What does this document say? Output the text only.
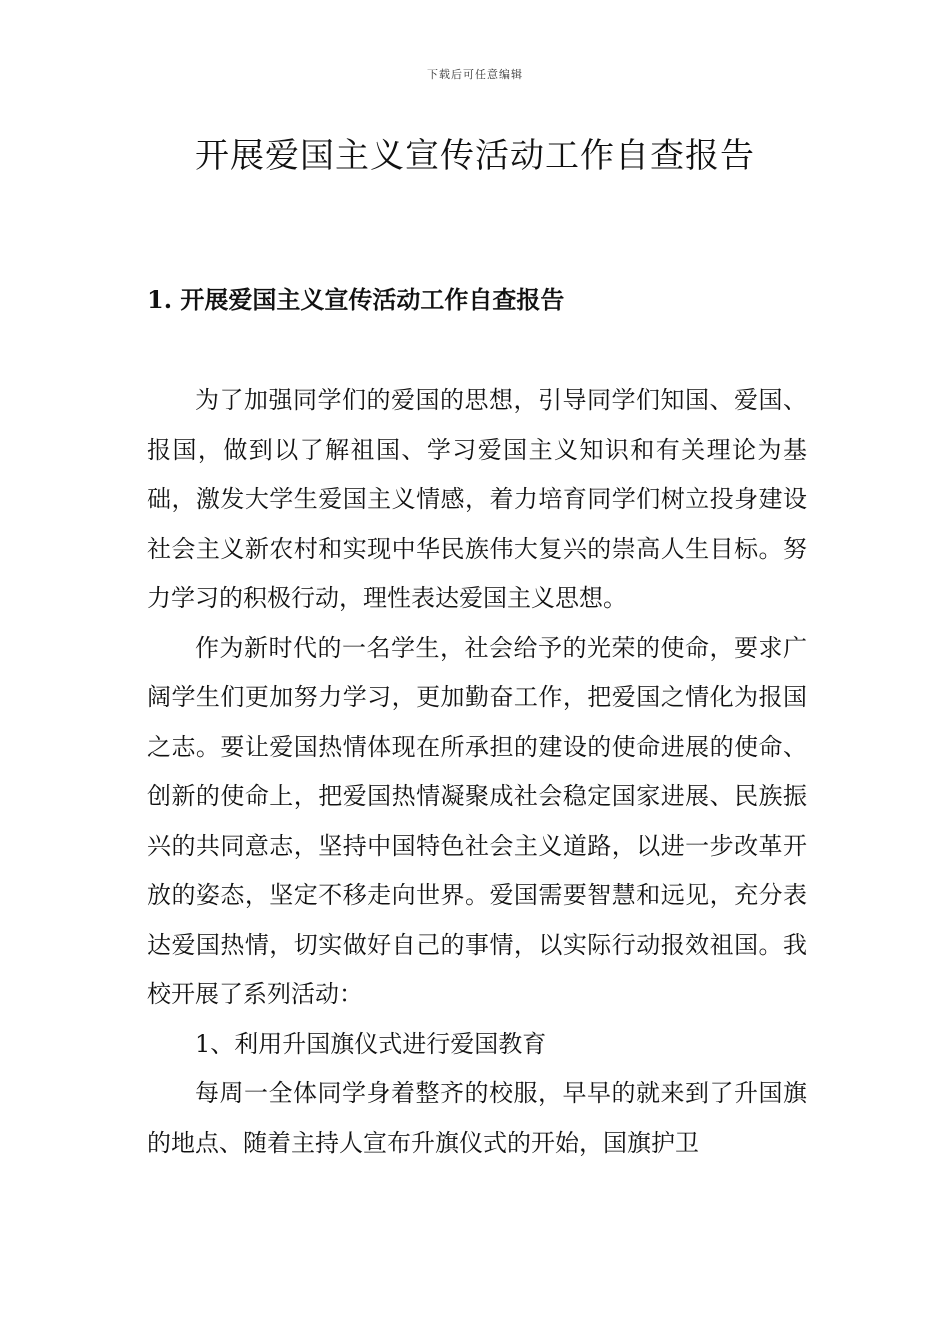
下载后可任意编辑
开展爱国主义宣传活动工作自查报告
1. 开展爱国主义宣传活动工作自查报告

为了加强同学们的爱国的思想，引导同学们知国、爱国、报国，做到以了解祖国、学习爱国主义知识和有关理论为基础，激发大学生爱国主义情感，着力培育同学们树立投身建设社会主义新农村和实现中华民族伟大复兴的崇高人生目标。努力学习的积极行动，理性表达爱国主义思想。

作为新时代的一名学生，社会给予的光荣的使命，要求广阔学生们更加努力学习，更加勤奋工作，把爱国之情化为报国之志。要让爱国热情体现在所承担的建设的使命进展的使命、创新的使命上，把爱国热情凝聚成社会稳定国家进展、民族振兴的共同意志，坚持中国特色社会主义道路，以进一步改革开放的姿态，坚定不移走向世界。爱国需要智慧和远见，充分表达爱国热情，切实做好自己的事情，以实际行动报效祖国。我校开展了系列活动：

1、利用升国旗仪式进行爱国教育

每周一全体同学身着整齐的校服，早早的就来到了升国旗的地点、随着主持人宣布升旗仪式的开始，国旗护卫
